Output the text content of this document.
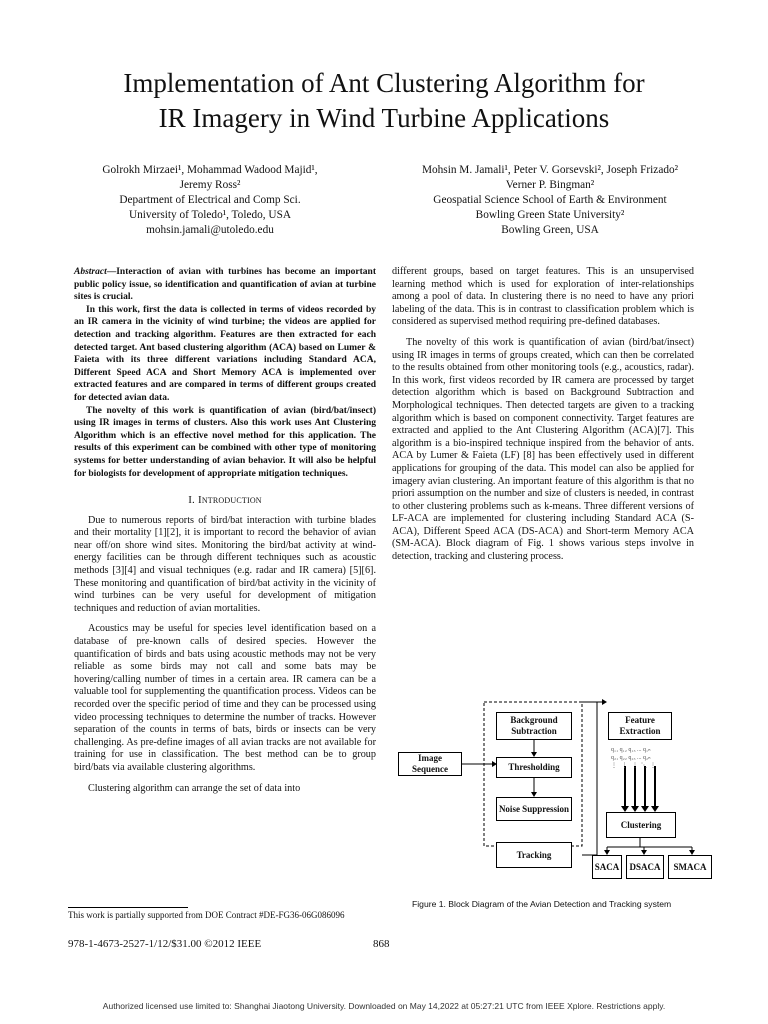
Implementation of Ant Clustering Algorithm for
IR Imagery in Wind Turbine Applications
Golrokh Mirzaei¹, Mohammad Wadood Majid¹,
Jeremy Ross²
Department of Electrical and Comp Sci.
University of Toledo¹, Toledo, USA
mohsin.jamali@utoledo.edu
Mohsin M. Jamali¹, Peter V. Gorsevski², Joseph Frizado²
Verner P. Bingman²
Geospatial Science School of Earth & Environment
Bowling Green State University²
Bowling Green, USA

Abstract—Interaction of avian with turbines has become an important public policy issue, so identification and quantification of avian at turbine sites is crucial.

In this work, first the data is collected in terms of videos recorded by an IR camera in the vicinity of wind turbine; the videos are applied for detection and tracking algorithm. Features are then extracted for each detected target. Ant based clustering algorithm (ACA) based on Lumer & Faieta with its three different variations including Standard ACA, Different Speed ACA and Short Memory ACA is implemented over extracted features and are compared in terms of different groups created for detected avian data.

The novelty of this work is quantification of avian (bird/bat/insect) using IR images in terms of clusters. Also this work uses Ant Clustering Algorithm which is an effective novel method for this application. The results of this experiment can be combined with other type of monitoring systems for better understanding of avian behavior. It will also be helpful for biologists for development of appropriate mitigation techniques.

I. Introduction

Due to numerous reports of bird/bat interaction with turbine blades and their mortality [1][2], it is important to record the behavior of avian near off/on shore wind sites. Monitoring the bird/bat activity at wind-energy facilities can be through different techniques such as acoustic methods [3][4] and visual techniques (e.g. radar and IR camera) [5][6]. These monitoring and quantification of bird/bat activity in the vicinity of wind turbines can be very useful for development of mitigation techniques and reduction of avian mortalities.

Acoustics may be useful for species level identification based on a database of pre-known calls of desired species. However the quantification of birds and bats using acoustic methods may not be very reliable as some birds may not call and some bats may be hovering/calling number of times in a certain area. IR camera can be a valuable tool for supplementing the quantification process. Videos can be recorded over the specific period of time and they can be processed using video processing techniques to determine the number of tracks. However separation of the counts in terms of bats, birds or insects can be very challenging. As pre-define images of all avian tracks are not available for training for use in classification. The best method can be to group bird/bats via available clustering algorithms.

Clustering algorithm can arrange the set of data into

different groups, based on target features. This is an unsupervised learning method which is used for exploration of inter-relationships among a pool of data. In clustering there is no need to have any priori labeling of the data. This is in contrast to classification problem which is considered as supervised method requiring pre-defined databases.

The novelty of this work is quantification of avian (bird/bat/insect) using IR images in terms of groups created, which can then be correlated to the results obtained from other monitoring tools (e.g., acoustics, radar). In this work, first videos recorded by IR camera are processed by target detection algorithm which is based on Background Subtraction and Morphological techniques. Then detected targets are given to a tracking algorithm which is based on component connectivity. Target features are extracted and applied to the Ant Clustering Algorithm (ACA)[7]. This algorithm is a bio-inspired technique inspired from the behavior of ants. ACA by Lumer & Faieta (LF) [8] has been effectively used in different applications for grouping of the data. This model can also be applied for imagery avian clustering. An important feature of this algorithm is that no priori assumption on the number and size of clusters is needed, in contrast to other clustering problems such as k-means. Three different versions of LF-ACA are implemented for clustering including Standard ACA (S-ACA), Different Speed ACA (DS-ACA) and Short-term Memory ACA (SM-ACA). Block diagram of Fig. 1 shows various steps involve in detection, tracking and clustering process.

Background Subtraction
Thresholding
Noise Suppression
Tracking
Image Sequence
Feature Extraction
q₁₁ q₁₂ q₁₃ ... q₁ₙ
q₂₁ q₂₂ q₂₃ ... q₂ₙ
⋮   ⋮   ⋮  ⋱  ⋮
Clustering
SACA	DSACA	SMACA
Figure 1. Block Diagram of the Avian Detection and Tracking system
This work is partially supported from DOE Contract #DE-FG36-06G086096
978-1-4673-2527-1/12/$31.00 ©2012 IEEE	868
Authorized licensed use limited to: Shanghai Jiaotong University. Downloaded on May 14,2022 at 05:27:21 UTC from IEEE Xplore. Restrictions apply.
